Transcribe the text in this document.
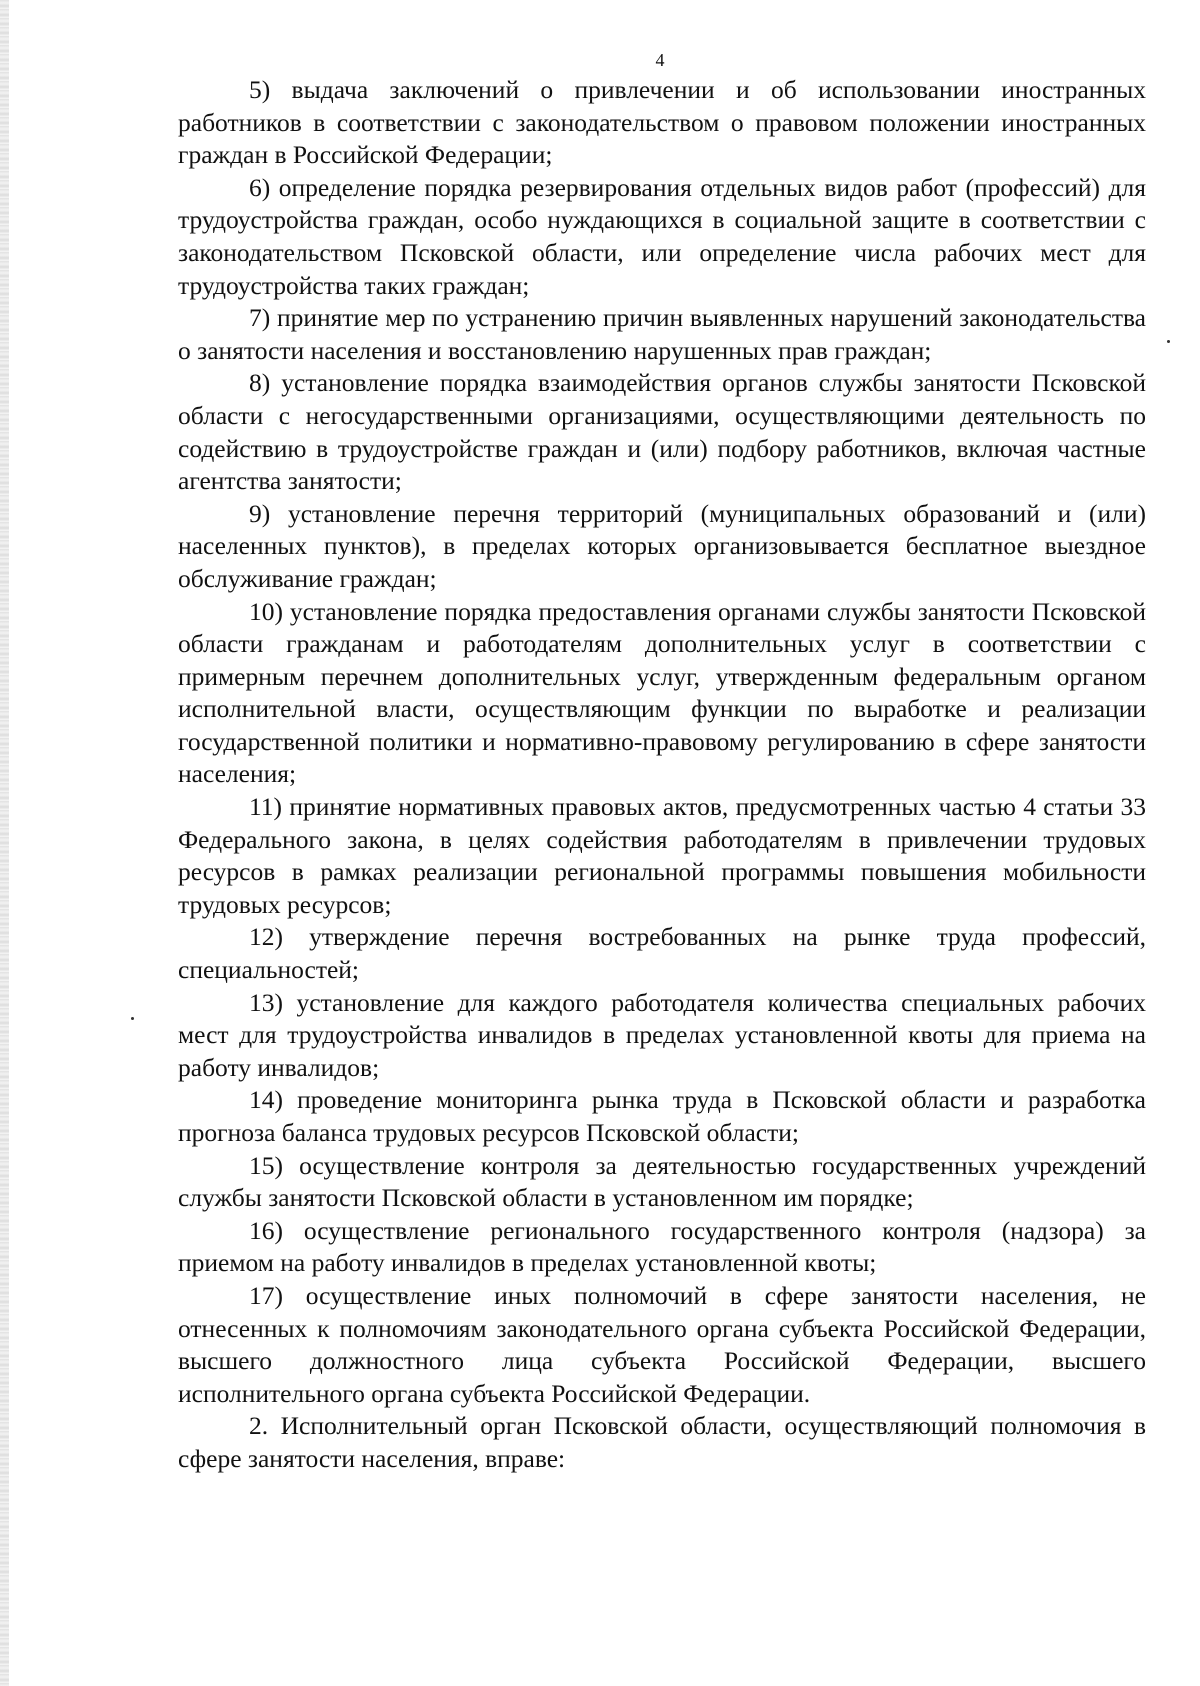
4

5) выдача заключений о привлечении и об использовании иностранных работников в соответствии с законодательством о правовом положении иностранных граждан в Российской Федерации;

6) определение порядка резервирования отдельных видов работ (профессий) для трудоустройства граждан, особо нуждающихся в социальной защите в соответствии с законодательством Псковской области, или определение числа рабочих мест для трудоустройства таких граждан;

7) принятие мер по устранению причин выявленных нарушений законодательства о занятости населения и восстановлению нарушенных прав граждан;

8) установление порядка взаимодействия органов службы занятости Псковской области с негосударственными организациями, осуществляющими деятельность по содействию в трудоустройстве граждан и (или) подбору работников, включая частные агентства занятости;

9) установление перечня территорий (муниципальных образований и (или) населенных пунктов), в пределах которых организовывается бесплатное выездное обслуживание граждан;

10) установление порядка предоставления органами службы занятости Псковской области гражданам и работодателям дополнительных услуг в соответствии с примерным перечнем дополнительных услуг, утвержденным федеральным органом исполнительной власти, осуществляющим функции по выработке и реализации государственной политики и нормативно-правовому регулированию в сфере занятости населения;

11) принятие нормативных правовых актов, предусмотренных частью 4 статьи 33 Федерального закона, в целях содействия работодателям в привлечении трудовых ресурсов в рамках реализации региональной программы повышения мобильности трудовых ресурсов;

12) утверждение перечня востребованных на рынке труда профессий, специальностей;

13) установление для каждого работодателя количества специальных рабочих мест для трудоустройства инвалидов в пределах установленной квоты для приема на работу инвалидов;

14) проведение мониторинга рынка труда в Псковской области и разработка прогноза баланса трудовых ресурсов Псковской области;

15) осуществление контроля за деятельностью государственных учреждений службы занятости Псковской области в установленном им порядке;

16) осуществление регионального государственного контроля (надзора) за приемом на работу инвалидов в пределах установленной квоты;

17) осуществление иных полномочий в сфере занятости населения, не отнесенных к полномочиям законодательного органа субъекта Российской Федерации, высшего должностного лица субъекта Российской Федерации, высшего исполнительного органа субъекта Российской Федерации.

2. Исполнительный орган Псковской области, осуществляющий полномочия в сфере занятости населения, вправе:
